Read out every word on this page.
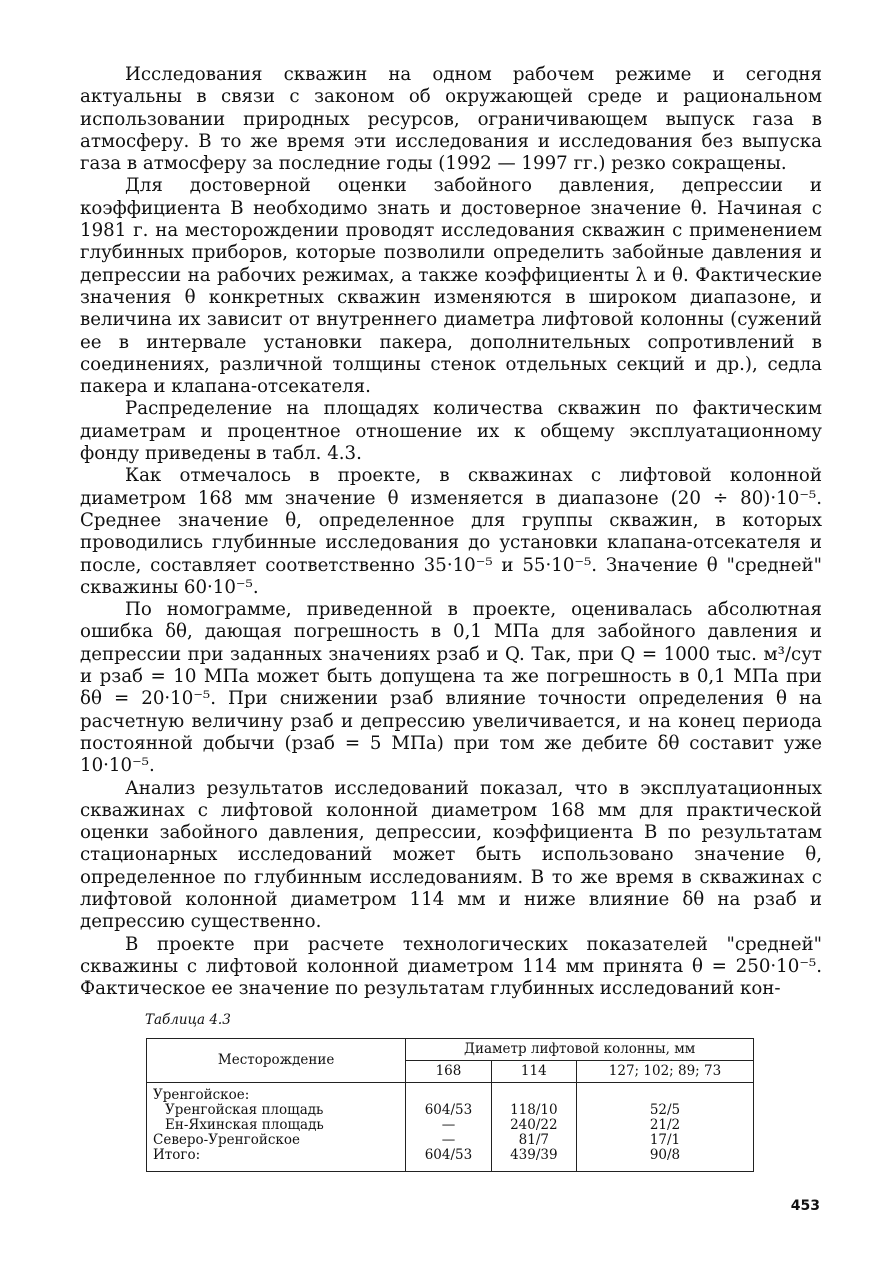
Исследования скважин на одном рабочем режиме и сегодня актуальны в связи с законом об окружающей среде и рациональном использовании природных ресурсов, ограничивающем выпуск газа в атмосферу. В то же время эти исследования и исследования без выпуска газа в атмосферу за последние годы (1992 — 1997 гг.) резко сокращены.

Для достоверной оценки забойного давления, депрессии и коэффициента B необходимо знать и достоверное значение θ. Начиная с 1981 г. на месторождении проводят исследования скважин с применением глубинных приборов, которые позволили определить забойные давления и депрессии на рабочих режимах, а также коэффициенты λ и θ. Фактические значения θ конкретных скважин изменяются в широком диапазоне, и величина их зависит от внутреннего диаметра лифтовой колонны (сужений ее в интервале установки пакера, дополнительных сопротивлений в соединениях, различной толщины стенок отдельных секций и др.), седла пакера и клапана-отсекателя.

Распределение на площадях количества скважин по фактическим диаметрам и процентное отношение их к общему эксплуатационному фонду приведены в табл. 4.3.

Как отмечалось в проекте, в скважинах с лифтовой колонной диаметром 168 мм значение θ изменяется в диапазоне (20 ÷ 80)·10⁻⁵. Среднее значение θ, определенное для группы скважин, в которых проводились глубинные исследования до установки клапана-отсекателя и после, составляет соответственно 35·10⁻⁵ и 55·10⁻⁵. Значение θ "средней" скважины 60·10⁻⁵.

По номограмме, приведенной в проекте, оценивалась абсолютная ошибка δθ, дающая погрешность в 0,1 МПа для забойного давления и депрессии при заданных значениях pзаб и Q. Так, при Q = 1000 тыс. м³/сут и pзаб = 10 МПа может быть допущена та же погрешность в 0,1 МПа при δθ = 20·10⁻⁵. При снижении pзаб влияние точности определения θ на расчетную величину pзаб и депрессию увеличивается, и на конец периода постоянной добычи (pзаб = 5 МПа) при том же дебите δθ составит уже 10·10⁻⁵.

Анализ результатов исследований показал, что в эксплуатационных скважинах с лифтовой колонной диаметром 168 мм для практической оценки забойного давления, депрессии, коэффициента B по результатам стационарных исследований может быть использовано значение θ, определенное по глубинным исследованиям. В то же время в скважинах с лифтовой колонной диаметром 114 мм и ниже влияние δθ на pзаб и депрессию существенно.

В проекте при расчете технологических показателей "средней" скважины с лифтовой колонной диаметром 114 мм принята θ = 250·10⁻⁵. Фактическое ее значение по результатам глубинных исследований кон-

Таблица 4.3
Месторождение	Диаметр лифтовой колонны, мм		
	168	114	127; 102; 89; 73
Уренгойское:			
Уренгойская площадь	604/53	118/10	52/5
Ен-Яхинская площадь	—	240/22	21/2
Северо-Уренгойское	—	81/7	17/1
Итого:	604/53	439/39	90/8
453
